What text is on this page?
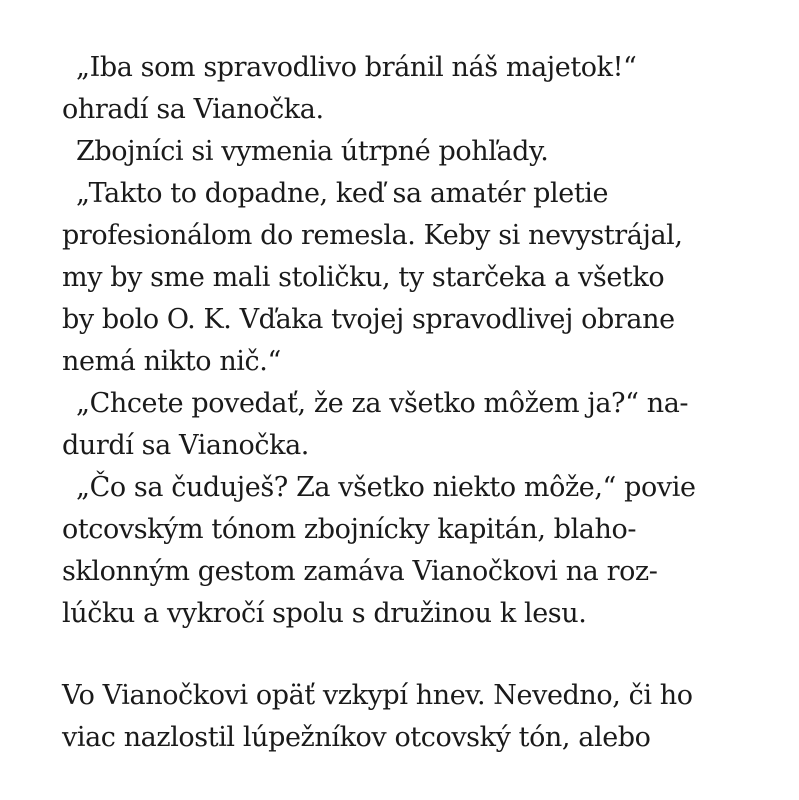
„Iba som spravodlivo bránil náš majetok!“
ohradí sa Vianočka.
Zbojníci si vymenia útrpné pohľady.
„Takto to dopadne, keď sa amatér pletie
profesionálom do remesla. Keby si nevystrájal,
my by sme mali stoličku, ty starčeka a všetko
by bolo O. K. Vďaka tvojej spravodlivej obrane
nemá nikto nič.“
„Chcete povedať, že za všetko môžem ja?“ na-
durdí sa Vianočka.
„Čo sa čuduješ? Za všetko niekto môže,“ povie
otcovským tónom zbojnícky kapitán, blaho-
sklonným gestom zamáva Vianočkovi na roz-
lúčku a vykročí spolu s družinou k lesu.
Vo Vianočkovi opäť vzkypí hnev. Nevedno, či ho
viac nazlostil lúpežníkov otcovský tón, alebo
